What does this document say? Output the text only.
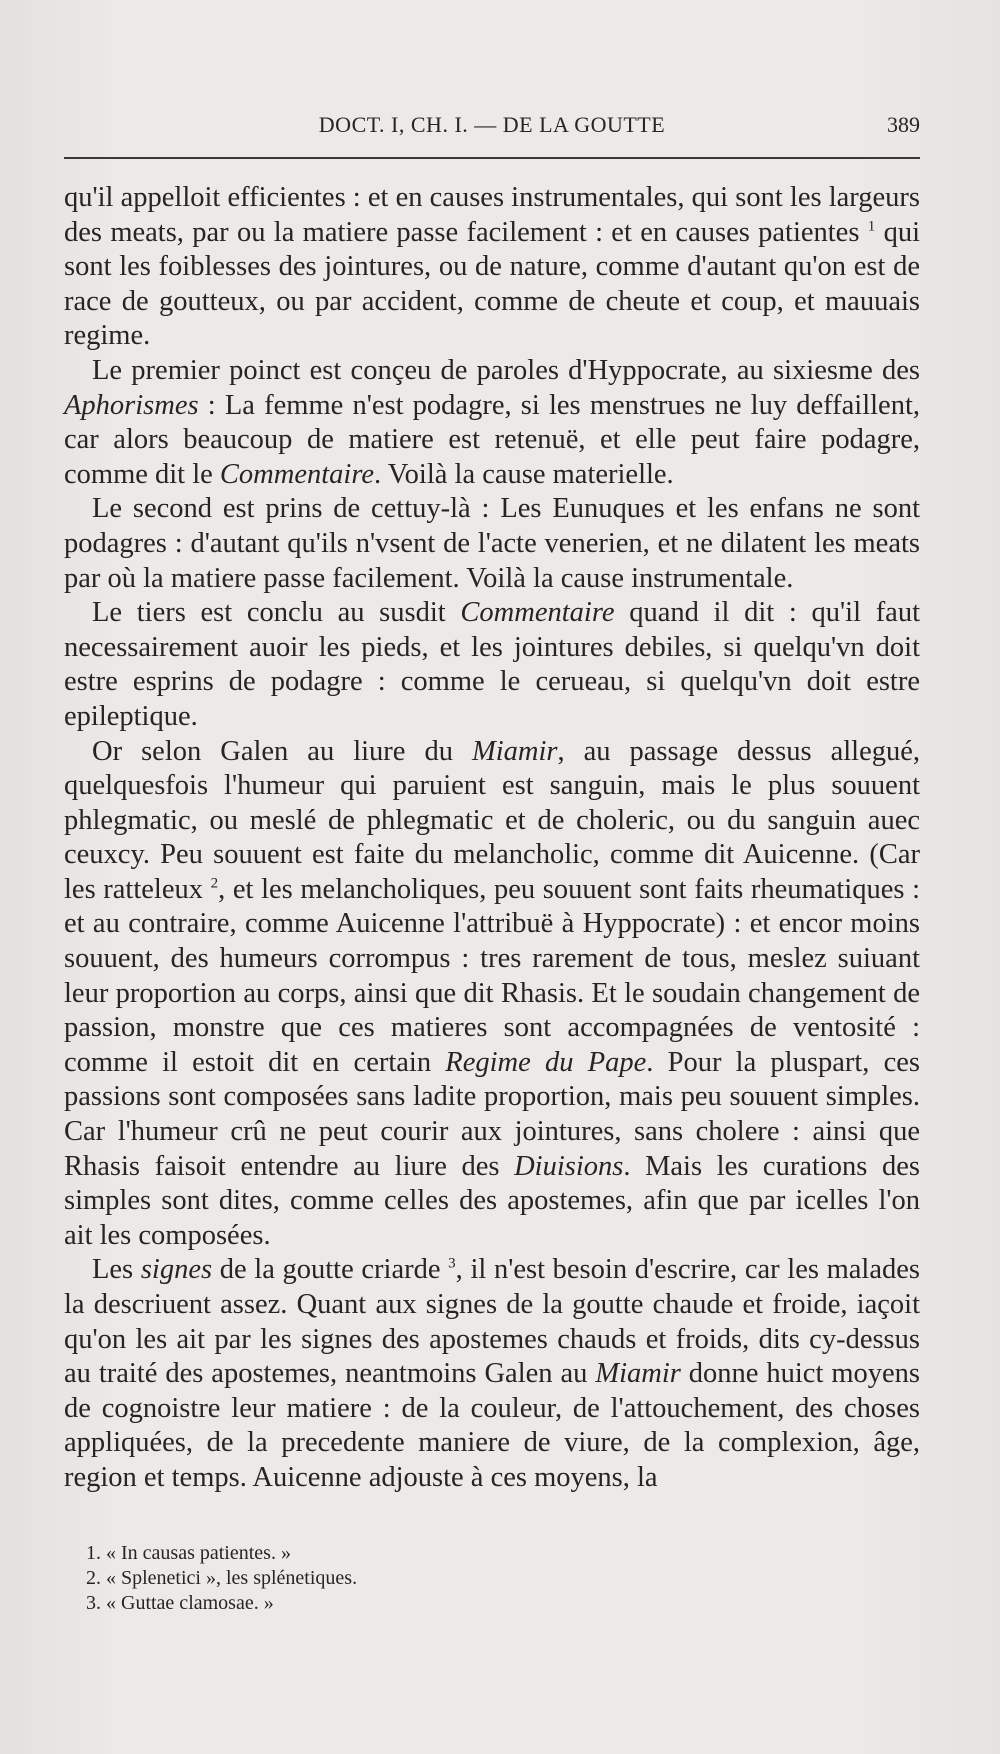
DOCT. I, CH. I. — DE LA GOUTTE	389

qu'il appelloit efficientes : et en causes instrumentales, qui sont les largeurs des meats, par ou la matiere passe facilement : et en causes patientes $^1$ qui sont les foiblesses des jointures, ou de nature, comme d'autant qu'on est de race de goutteux, ou par accident, comme de cheute et coup, et mauuais regime.

Le premier poinct est conçeu de paroles d'Hyppocrate, au sixiesme des Aphorismes : La femme n'est podagre, si les menstrues ne luy deffaillent, car alors beaucoup de matiere est retenuë, et elle peut faire podagre, comme dit le Commentaire. Voilà la cause materielle.

Le second est prins de cettuy-là : Les Eunuques et les enfans ne sont podagres : d'autant qu'ils n'vsent de l'acte venerien, et ne dilatent les meats par où la matiere passe facilement. Voilà la cause instrumentale.

Le tiers est conclu au susdit Commentaire quand il dit : qu'il faut necessairement auoir les pieds, et les jointures debiles, si quelqu'vn doit estre esprins de podagre : comme le cerueau, si quelqu'vn doit estre epileptique.

Or selon Galen au liure du Miamir, au passage dessus allegué, quelquesfois l'humeur qui paruient est sanguin, mais le plus souuent phlegmatic, ou meslé de phlegmatic et de choleric, ou du sanguin auec ceuxcy. Peu souuent est faite du melancholic, comme dit Auicenne. (Car les ratteleux $^2$, et les melancholiques, peu souuent sont faits rheumatiques : et au contraire, comme Auicenne l'attribuë à Hyppocrate) : et encor moins souuent, des humeurs corrompus : tres rarement de tous, meslez suiuant leur proportion au corps, ainsi que dit Rhasis. Et le soudain changement de passion, monstre que ces matieres sont accompagnées de ventosité : comme il estoit dit en certain Regime du Pape. Pour la pluspart, ces passions sont composées sans ladite proportion, mais peu souuent simples. Car l'humeur crû ne peut courir aux jointures, sans cholere : ainsi que Rhasis faisoit entendre au liure des Diuisions. Mais les curations des simples sont dites, comme celles des apostemes, afin que par icelles l'on ait les composées.

Les signes de la goutte criarde $^3$, il n'est besoin d'escrire, car les malades la descriuent assez. Quant aux signes de la goutte chaude et froide, iaçoit qu'on les ait par les signes des apostemes chauds et froids, dits cy-dessus au traité des apostemes, neantmoins Galen au Miamir donne huict moyens de cognoistre leur matiere : de la couleur, de l'attouchement, des choses appliquées, de la precedente maniere de viure, de la complexion, âge, region et temps. Auicenne adjouste à ces moyens, la

1. « In causas patientes. »

2. « Splenetici », les splénetiques.

3. « Guttae clamosae. »
